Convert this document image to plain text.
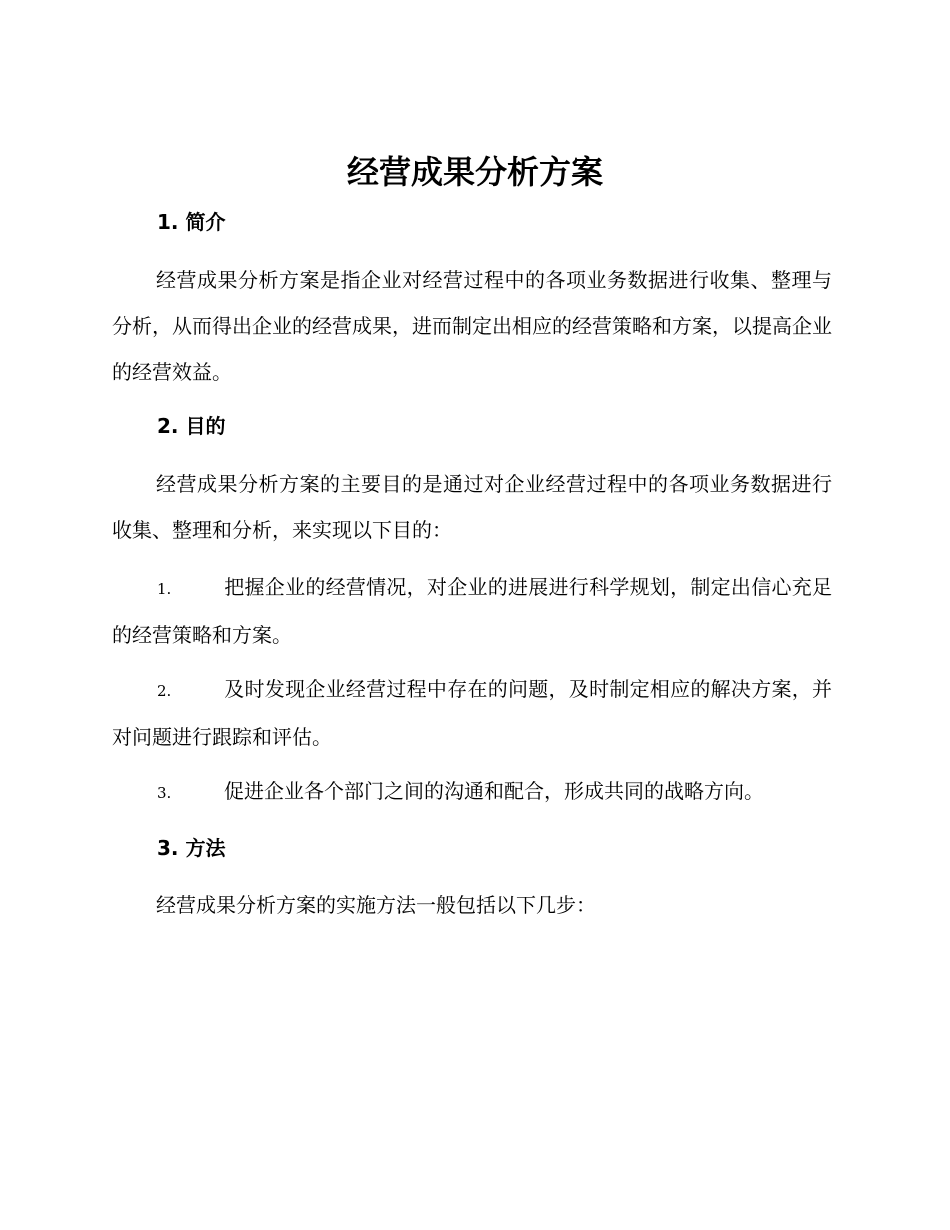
经营成果分析方案
1. 简介

经营成果分析方案是指企业对经营过程中的各项业务数据进行收集、整理与分析，从而得出企业的经营成果，进而制定出相应的经营策略和方案，以提高企业的经营效益。

2. 目的

经营成果分析方案的主要目的是通过对企业经营过程中的各项业务数据进行收集、整理和分析，来实现以下目的：

1.	把握企业的经营情况，对企业的进展进行科学规划，制定出信心充足的经营策略和方案。

2.	及时发现企业经营过程中存在的问题，及时制定相应的解决方案，并对问题进行跟踪和评估。

3.	促进企业各个部门之间的沟通和配合，形成共同的战略方向。

3. 方法

经营成果分析方案的实施方法一般包括以下几步：
